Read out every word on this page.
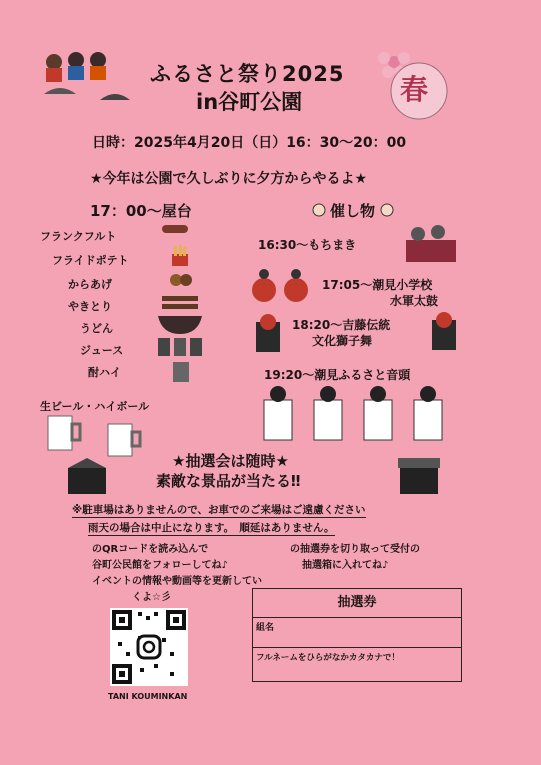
春
ふるさと祭り2025
in谷町公園
日時：2025年4月20日（日）16：30～20：00
★今年は公園で久しぶりに夕方からやるよ★
17：00～屋台
フランクフルト
フライドポテト
からあげ
やきとり
うどん
ジュース
酎ハイ
生ビール・ハイボール
催し物
16:30～もちまき
17:05～潮見小学校
水軍太鼓
18:20～吉藤伝統
文化獅子舞
19:20～潮見ふるさと音頭
★抽選会は随時★
素敵な景品が当たる‼
※駐車場はありませんので、お車でのご来場はご遠慮ください
雨天の場合は中止になります。　順延はありません。
のQRコードを読み込んで
谷町公民館をフォローしてね♪
イベントの情報や動画等を更新してい
くよ☆彡
TANI KOUMINKAN
の抽選券を切り取って受付の
抽選箱に入れてね♪
抽選券
組名
フルネームをひらがなかカタカナで！
